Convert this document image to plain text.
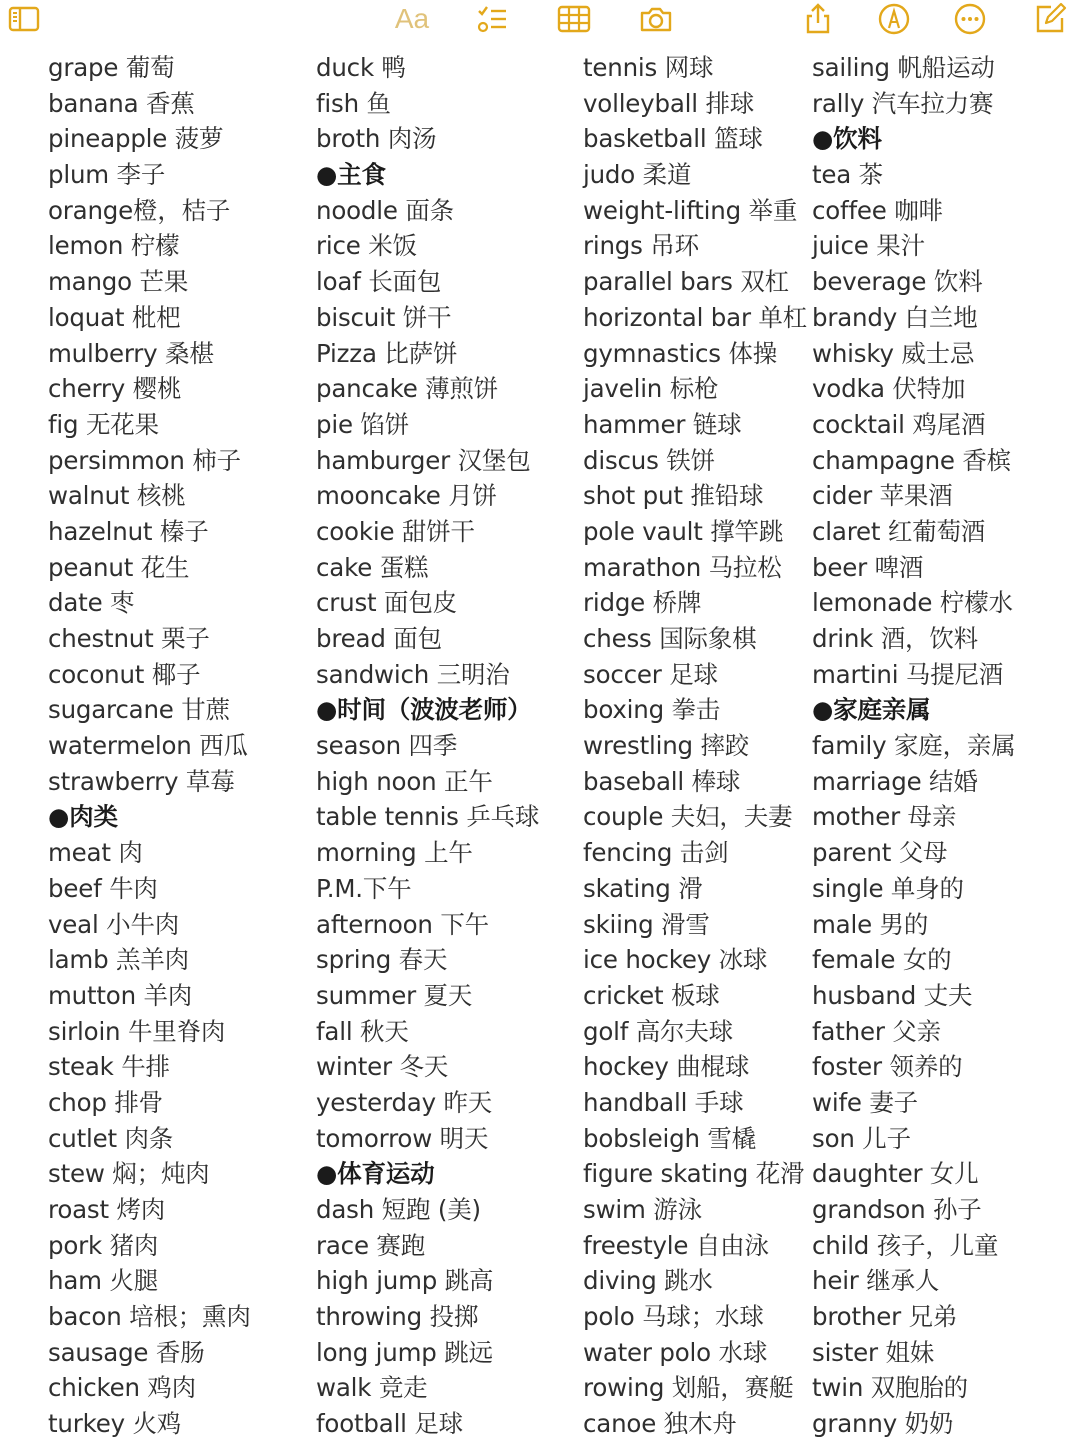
Aa
grape 葡萄
banana 香蕉
pineapple 菠萝
plum 李子
orange橙，桔子
lemon 柠檬
mango 芒果
loquat 枇杷
mulberry 桑椹
cherry 樱桃
fig 无花果
persimmon 柿子
walnut 核桃
hazelnut 榛子
peanut 花生
date 枣
chestnut 栗子
coconut 椰子
sugarcane 甘蔗
watermelon 西瓜
strawberry 草莓
●肉类
meat 肉
beef 牛肉
veal 小牛肉
lamb 羔羊肉
mutton 羊肉
sirloin 牛里脊肉
steak 牛排
chop 排骨
cutlet 肉条
stew 焖；炖肉
roast 烤肉
pork 猪肉
ham 火腿
bacon 培根；熏肉
sausage 香肠
chicken 鸡肉
turkey 火鸡
duck 鸭
fish 鱼
broth 肉汤
●主食
noodle 面条
rice 米饭
loaf 长面包
biscuit 饼干
Pizza 比萨饼
pancake 薄煎饼
pie 馅饼
hamburger 汉堡包
mooncake 月饼
cookie 甜饼干
cake 蛋糕
crust 面包皮
bread 面包
sandwich 三明治
●时间（波波老师）
season 四季
high noon 正午
table tennis 乒乓球
morning 上午
P.M.下午
afternoon 下午
spring 春天
summer 夏天
fall 秋天
winter 冬天
yesterday 昨天
tomorrow 明天
●体育运动
dash 短跑 (美)
race 赛跑
high jump 跳高
throwing 投掷
long jump 跳远
walk 竞走
football 足球
tennis 网球
volleyball 排球
basketball 篮球
judo 柔道
weight-lifting 举重
rings 吊环
parallel bars 双杠
horizontal bar 单杠
gymnastics 体操
javelin 标枪
hammer 链球
discus 铁饼
shot put 推铅球
pole vault 撑竿跳
marathon 马拉松
ridge 桥牌
chess 国际象棋
soccer 足球
boxing 拳击
wrestling 摔跤
baseball 棒球
couple 夫妇，夫妻
fencing 击剑
skating 滑
skiing 滑雪
ice hockey 冰球
cricket 板球
golf 高尔夫球
hockey 曲棍球
handball 手球
bobsleigh 雪橇
figure skating 花滑
swim 游泳
freestyle 自由泳
diving 跳水
polo 马球；水球
water polo 水球
rowing 划船，赛艇
canoe 独木舟
sailing 帆船运动
rally 汽车拉力赛
●饮料
tea 茶
coffee 咖啡
juice 果汁
beverage 饮料
brandy 白兰地
whisky 威士忌
vodka 伏特加
cocktail 鸡尾酒
champagne 香槟
cider 苹果酒
claret 红葡萄酒
beer 啤酒
lemonade 柠檬水
drink 酒，饮料
martini 马提尼酒
●家庭亲属
family 家庭，亲属
marriage 结婚
mother 母亲
parent 父母
single 单身的
male 男的
female 女的
husband 丈夫
father 父亲
foster 领养的
wife 妻子
son 儿子
daughter 女儿
grandson 孙子
child 孩子，儿童
heir 继承人
brother 兄弟
sister 姐妹
twin 双胞胎的
granny 奶奶
